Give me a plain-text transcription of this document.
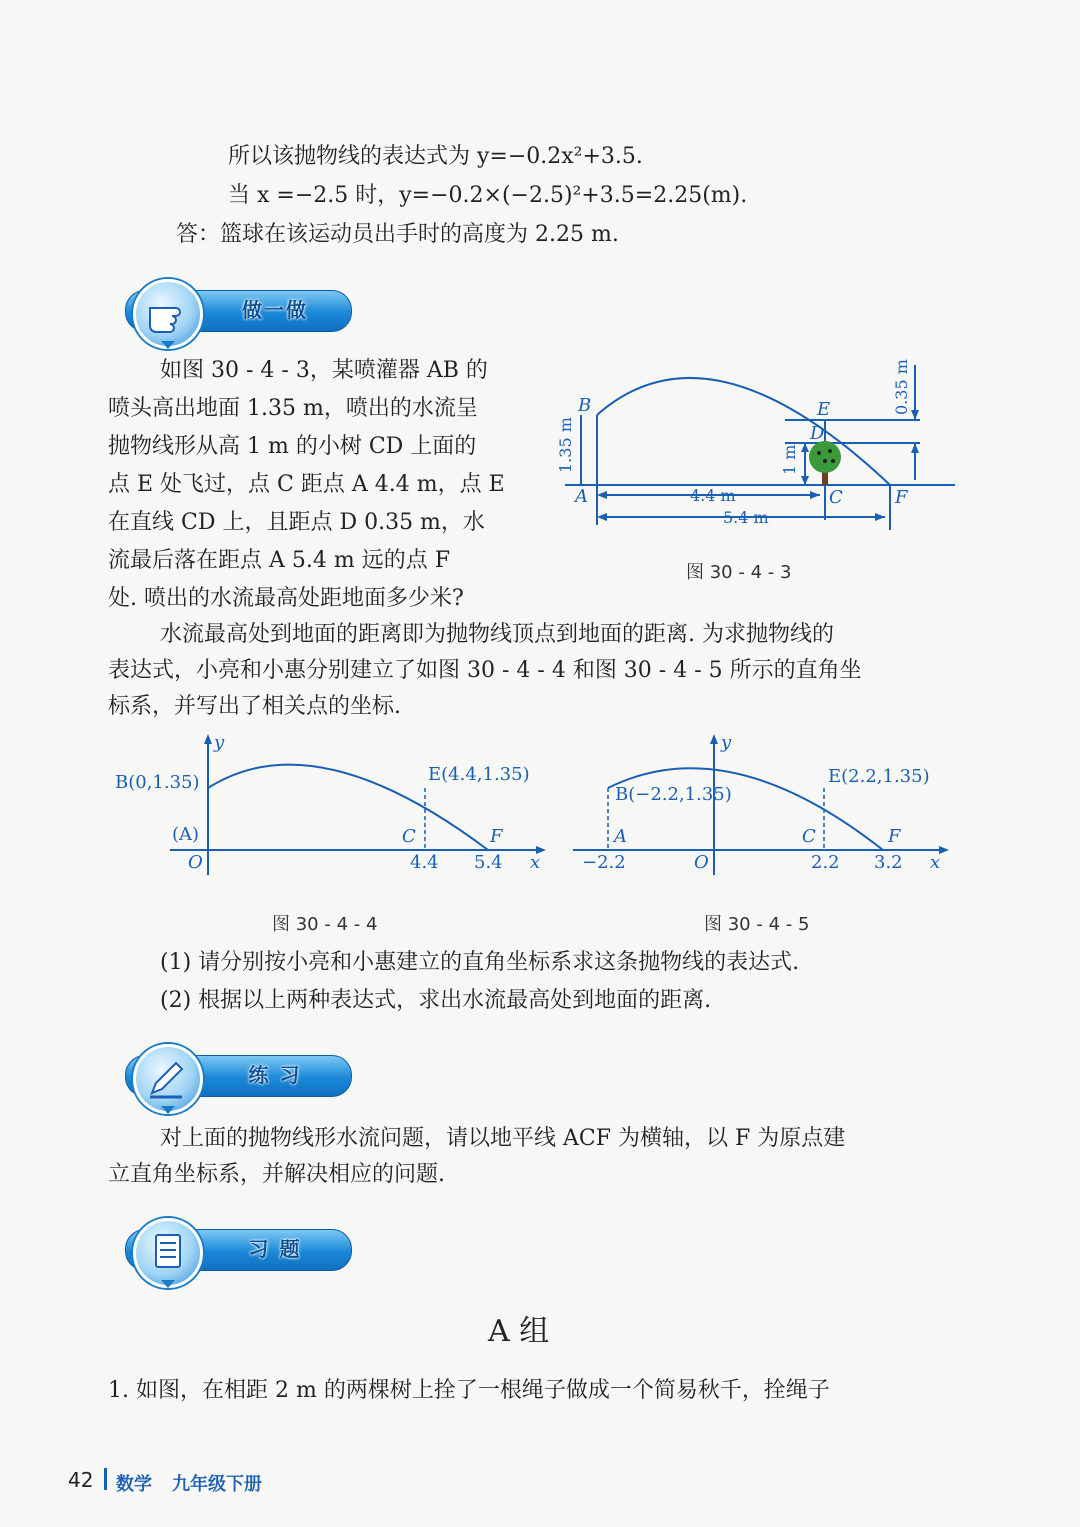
所以该抛物线的表达式为 y=−0.2x²+3.5.
当 x =−2.5 时，y=−0.2×(−2.5)²+3.5=2.25(m).
答：篮球在该运动员出手时的高度为 2.25 m.
做一做
如图 30 - 4 - 3，某喷灌器 AB 的
喷头高出地面 1.35 m，喷出的水流呈
抛物线形从高 1 m 的小树 CD 上面的
点 E 处飞过，点 C 距点 A 4.4 m，点 E
在直线 CD 上，且距点 D 0.35 m，水
流最后落在距点 A 5.4 m 远的点 F
处. 喷出的水流最高处距地面多少米?
B	E
D
A	C	F
4.4 m
5.4 m
1.35 m	1 m
0.35 m
图 30 - 4 - 3
水流最高处到地面的距离即为抛物线顶点到地面的距离. 为求抛物线的
表达式，小亮和小惠分别建立了如图 30 - 4 - 4 和图 30 - 4 - 5 所示的直角坐
标系，并写出了相关点的坐标.
y
x
O
B(0,1.35)	E(4.4,1.35)
(A)	C	F
4.4 5.4
图 30 - 4 - 4
y
x
O
B(−2.2,1.35)
E(2.2,1.35)
A	C	F
−2.2	2.2 3.2
图 30 - 4 - 5
(1) 请分别按小亮和小惠建立的直角坐标系求这条抛物线的表达式.
(2) 根据以上两种表达式，求出水流最高处到地面的距离.
练 习
对上面的抛物线形水流问题，请以地平线 ACF 为横轴，以 F 为原点建
立直角坐标系，并解决相应的问题.
习 题
A 组
1. 如图，在相距 2 m 的两棵树上拴了一根绳子做成一个简易秋千，拴绳子
42 数学 九年级下册
